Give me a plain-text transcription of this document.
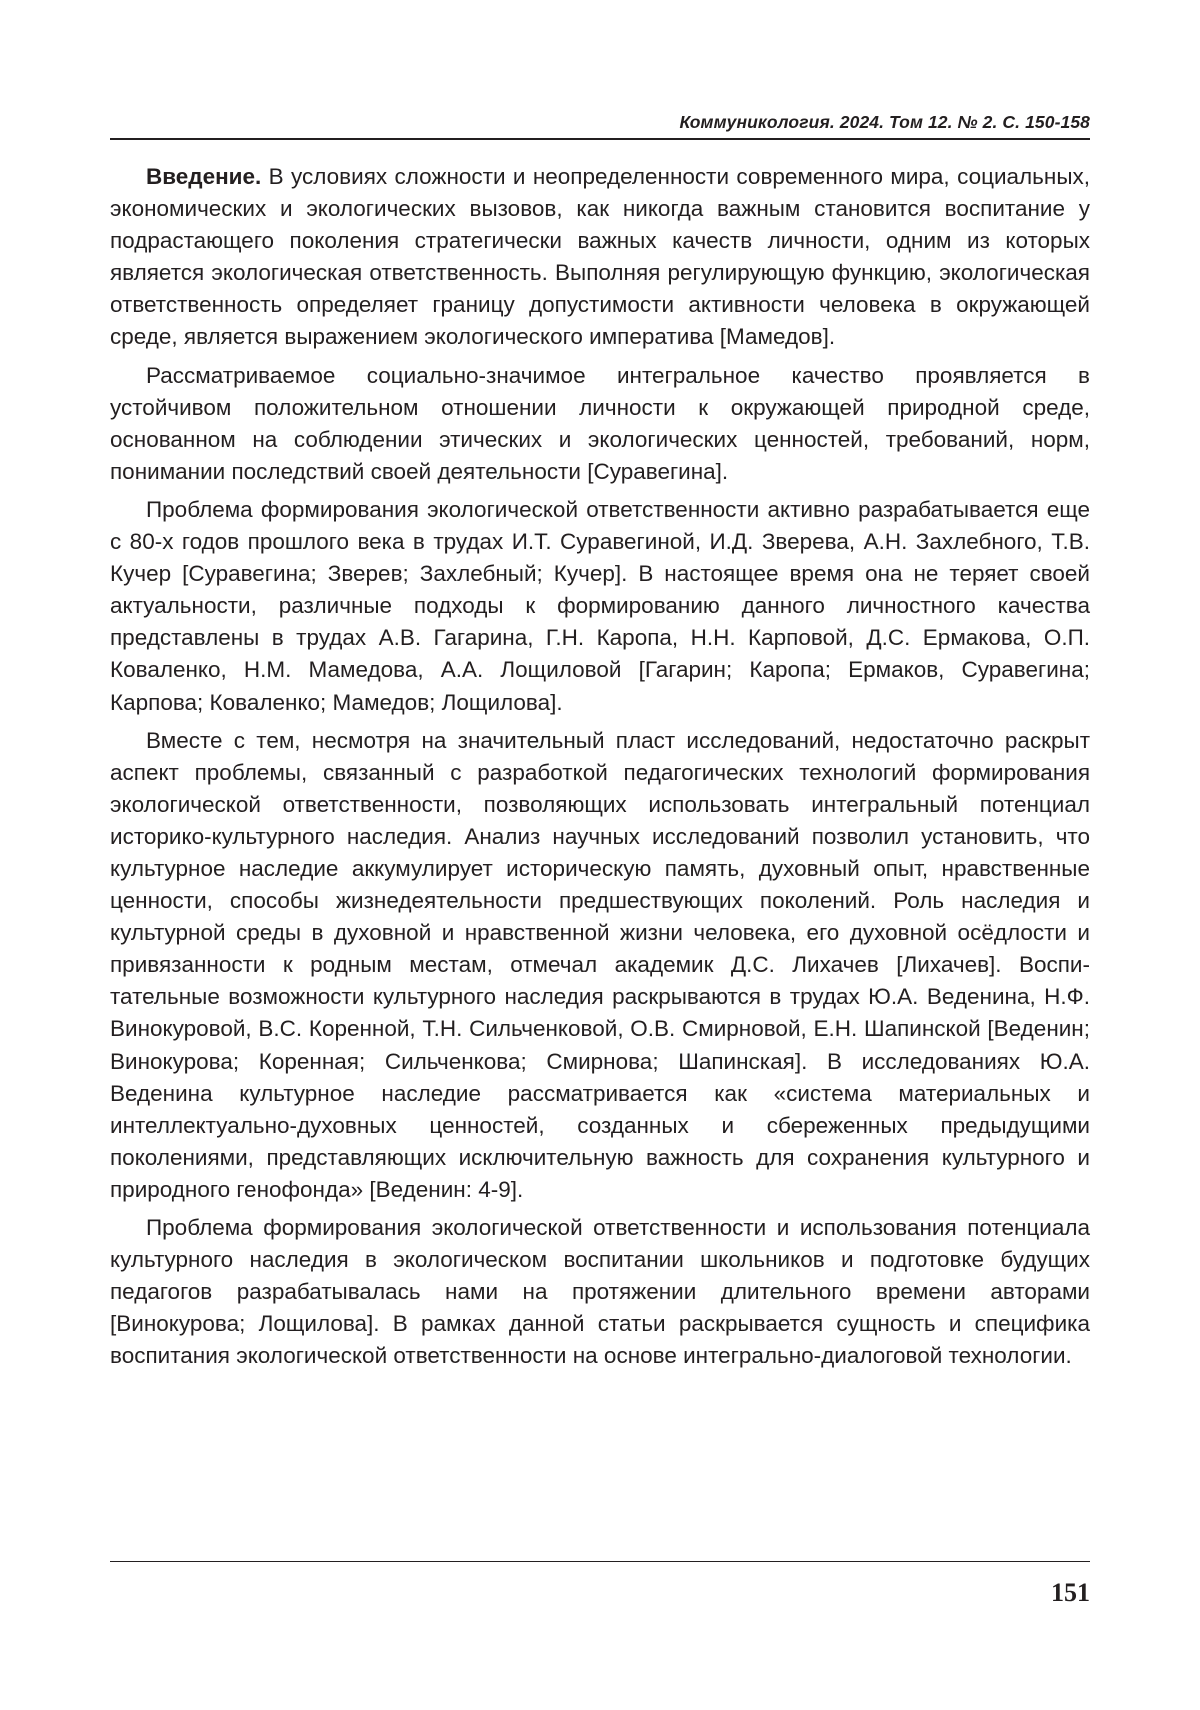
Коммуникология. 2024. Том 12. № 2. С. 150-158

Введение. В условиях сложности и неопределенности современного мира, социальных, экономических и экологических вызовов, как никогда важным становится воспитание у подрастающего поколения стратегически важных качеств личности, одним из которых является экологическая ответственность. Выполняя регулирующую функцию, экологическая ответственность определяет границу допустимости активности человека в окружающей среде, является выражением экологического императива [Мамедов].

Рассматриваемое социально-значимое интегральное качество проявляется в устойчивом положительном отношении личности к окружающей природной среде, основанном на соблюдении этических и экологических ценностей, требований, норм, понимании последствий своей деятельности [Суравегина].

Проблема формирования экологической ответственности активно разрабатывается еще с 80-х годов прошлого века в трудах И.Т. Суравегиной, И.Д. Зверева, А.Н. Захлебного, Т.В. Кучер [Суравегина; Зверев; Захлебный; Кучер]. В настоящее время она не теряет своей актуальности, различные подходы к формированию данного личностного качества представлены в трудах А.В. Гагарина, Г.Н. Каропа, Н.Н. Карповой, Д.С. Ермакова, О.П. Коваленко, Н.М. Мамедова, А.А. Лощиловой [Гагарин; Каропа; Ермаков, Суравегина; Карпова; Коваленко; Мамедов; Лощилова].

Вместе с тем, несмотря на значительный пласт исследований, недостаточно раскрыт аспект проблемы, связанный с разработкой педагогических технологий формирования экологической ответственности, позволяющих использовать интегральный потенциал историко-культурного наследия. Анализ научных исследований позволил установить, что культурное наследие аккумулирует историческую память, духовный опыт, нравственные ценности, способы жизнедеятельности предшествующих поколений. Роль наследия и культурной среды в духовной и нравственной жизни человека, его духовной осёдлости и привязанности к родным местам, отмечал академик Д.С. Лихачев [Лихачев]. Воспитательные возможности культурного наследия раскрываются в трудах Ю.А. Веденина, Н.Ф. Винокуровой, В.С. Коренной, Т.Н. Сильченковой, О.В. Смирновой, Е.Н. Шапинской [Веденин; Винокурова; Коренная; Сильченкова; Смирнова; Шапинская]. В исследованиях Ю.А. Веденина культурное наследие рассматривается как «система материальных и интеллектуально-духовных ценностей, созданных и сбереженных предыдущими поколениями, представляющих исключительную важность для сохранения культурного и природного генофонда» [Веденин: 4-9].

Проблема формирования экологической ответственности и использования потенциала культурного наследия в экологическом воспитании школьников и подготовке будущих педагогов разрабатывалась нами на протяжении длительного времени авторами [Винокурова; Лощилова]. В рамках данной статьи раскрывается сущность и специфика воспитания экологической ответственности на основе интегрально-диалоговой технологии.

151
